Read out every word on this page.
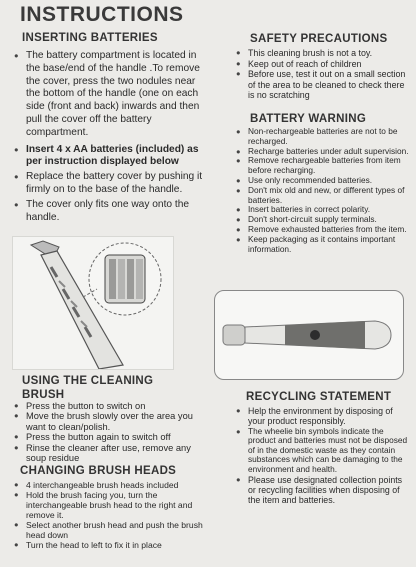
INSTRUCTIONS
INSERTING BATTERIES
● The battery compartment is located in the base/end of the handle .To remove the cover, press the two nodules near the bottom of the handle (one on each side (front and back) inwards and then pull the cover off the battery compartment.
● Insert 4 x AA batteries (included) as per instruction displayed below
● Replace the battery cover by pushing it firmly on to the base of the handle.
● The cover only fits one way onto the handle.
SAFETY PRECAUTIONS
● This cleaning brush is not a toy.
● Keep out of reach of children
● Before use, test it out on a small section of the area to be cleaned to check there is no scratching
BATTERY WARNING
● Non-rechargeable batteries are not to be recharged.
● Recharge batteries under adult supervision.
● Remove rechargeable batteries from item before recharging.
● Use only recommended batteries.
● Don't mix old and new, or different types of batteries.
● Insert batteries in correct polarity.
● Don't short-circuit supply terminals.
● Remove exhausted batteries from the item.
● Keep packaging as it contains important information.
USING THE CLEANING BRUSH
● Press the button to switch on
● Move the brush slowly over the area you want to clean/polish.
● Press the button again to switch off
● Rinse the cleaner after use, remove any soup residue
CHANGING BRUSH HEADS
● 4 interchangeable brush heads included
● Hold the brush facing you, turn the interchangeable brush head to the right and remove it.
● Select another brush head and push the brush head down
● Turn the head to left to fix it in place
RECYCLING STATEMENT
● Help the environment by disposing of your product responsibly.
● The wheelie bin symbols indicate the product and batteries must not be disposed of in the domestic waste as they contain substances which can be damaging to the environment and health.
● Please use designated collection points or recycling facilities when disposing of the item and batteries.
